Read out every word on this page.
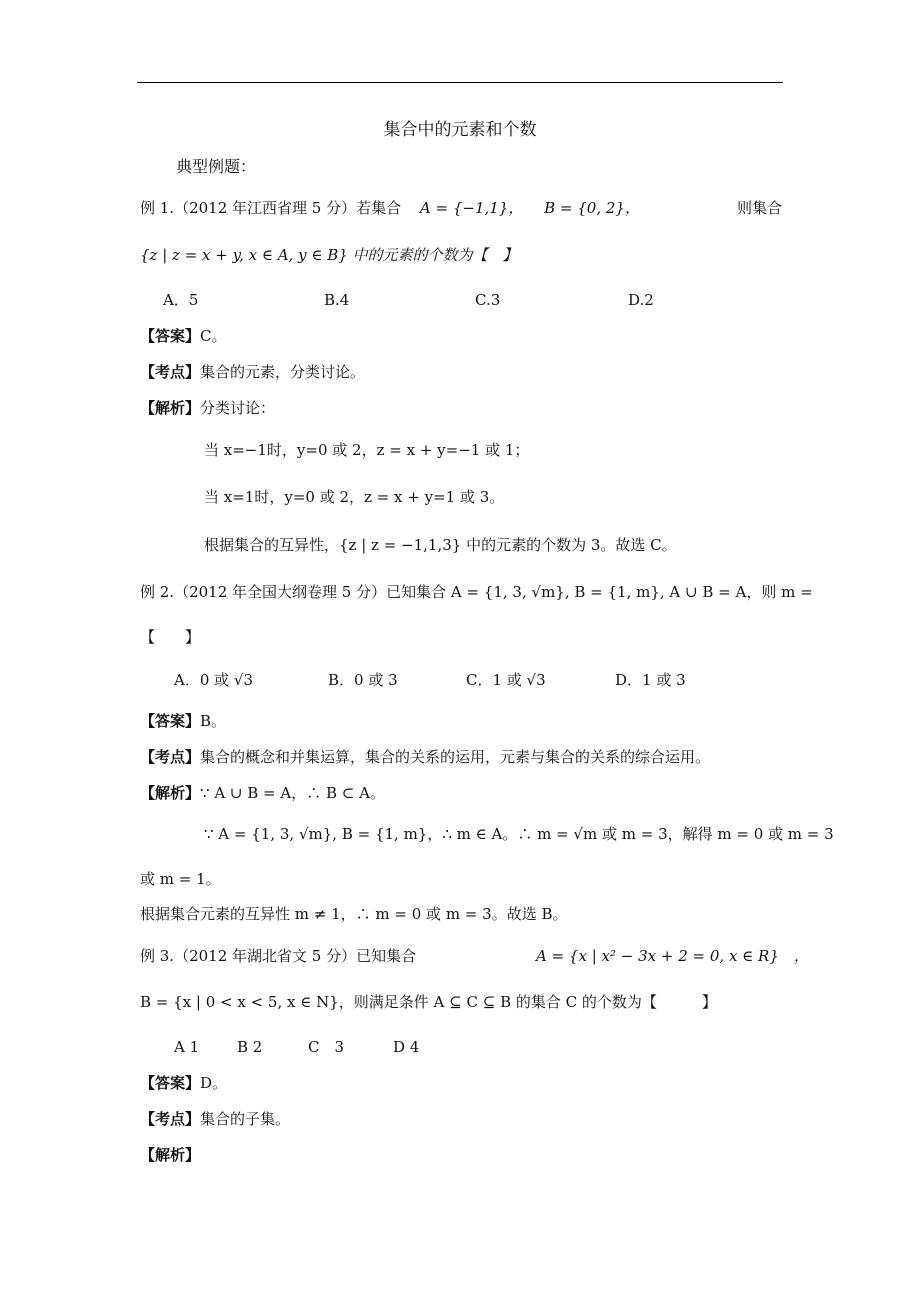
集合中的元素和个数
典型例题：
例 1.（2012 年江西省理 5 分）若集合 A = {−1,1}， B = {0, 2}，	则集合
{z | z = x + y, x ∈ A, y ∈ B} 中的元素的个数为【　】
A．5	B.4	C.3	D.2
【答案】C。
【考点】集合的元素，分类讨论。
【解析】分类讨论：
当 x=−1时，y=0 或 2，z = x + y=−1 或 1；
当 x=1时，y=0 或 2，z = x + y=1 或 3。
根据集合的互异性，{z | z = −1,1,3} 中的元素的个数为 3。故选 C。
例 2.（2012 年全国大纲卷理 5 分）已知集合 A = {1, 3, √m}, B = {1, m}, A ∪ B = A，则 m =
【　　】
A．0 或 √3	B．0 或 3	C．1 或 √3	D．1 或 3
【答案】B。
【考点】集合的概念和并集运算，集合的关系的运用，元素与集合的关系的综合运用。
【解析】∵ A ∪ B = A，∴ B ⊂ A。
∵ A = {1, 3, √m}, B = {1, m}，∴ m ∈ A。∴ m = √m 或 m = 3，解得 m = 0 或 m = 3
或 m = 1。
根据集合元素的互异性 m ≠ 1，∴ m = 0 或 m = 3。故选 B。
例 3.（2012 年湖北省文 5 分）已知集合	A = {x | x² − 3x + 2 = 0, x ∈ R}　，
B = {x | 0 < x < 5, x ∈ N}，则满足条件 A ⊆ C ⊆ B 的集合 C 的个数为【　　　】
A 1	B 2	C　3	D 4
【答案】D。
【考点】集合的子集。
【解析】
